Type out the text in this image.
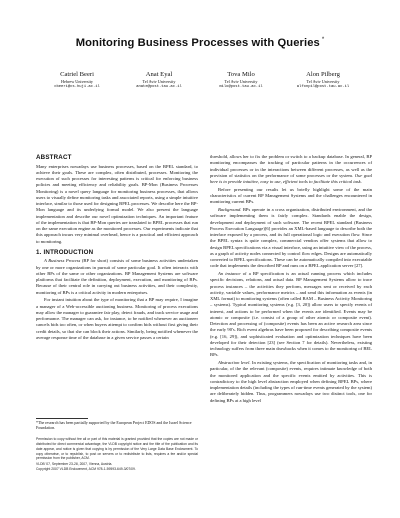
Monitoring Business Processes with Queries *
Catriel Beeri
Hebrew University
cbeeri@cs.huji.ac.il
Anat Eyal
Tel Aviv University
anate@post.tau.ac.il
Tova Milo
Tel Aviv University
milo@post.tau.ac.il
Alon Pilberg
Tel Aviv University
alfonpil@post.tau.ac.il
ABSTRACT

Many enterprises nowadays use business processes, based on the BPEL standard, to achieve their goals. These are complex, often distributed, processes. Monitoring the execution of such processes for interesting patterns is critical for enforcing business policies and meeting efficiency and reliability goals. BP-Mon (Business Processes Monitoring) is a novel query language for monitoring business processes, that allows users to visually define monitoring tasks and associated reports, using a simple intuitive interface, similar to those used for designing BPEL processes. We describe here the BP-Mon language and its underlying formal model. We also present the language implementation and describe our novel optimization techniques. An important feature of the implementation is that BP-Mon queries are translated to BPEL processes that run on the same execution engine as the monitored processes. Our experiments indicate that this approach incurs very minimal overhead, hence is a practical and efficient approach to monitoring.

1. INTRODUCTION

A Business Process (BP for short) consists of some business activities undertaken by one or more organizations in pursuit of some particular goal. It often interacts with other BPs of the same or other organizations. BP Management Systems are software platforms that facilitate the definition, deployment, execution, and monitoring of BPs. Because of their central role in carrying out business activities, and their complexity, monitoring of BPs is a critical activity in modern enterprises.

For instant intuition about the type of monitoring that a BP may require, I imagine a manager of a Web-accessible auctioning business. Monitoring of process executions may allow the manager to guarantee fair play, detect frauds, and track service usage and performance. The manager can ask, for instance, to be notified whenever an auctioneer cancels bids too often, or when buyers attempt to confirm bids without first giving their credit details, so that she can block their actions. Similarly, being notified whenever the average response time of the database in a given service passes a certain

*The research has been partially supported by the European Project EDOS and the Israel Science Foundation.

Permission to copy without fee all or part of this material is granted provided that the copies are not made or distributed for direct commercial advantage, the VLDB copyright notice and the title of the publication and its date appear, and notice is given that copying is by permission of the Very Large Data Base Endowment. To copy otherwise, or to republish, to post on servers or to redistribute to lists, requires a fee and/or special permission from the publisher, ACM.

VLDB '07, September 23-28, 2007, Vienna, Austria.

Copyright 2007 VLDB Endowment, ACM 978-1-59593-649-3/07/09.

threshold, allows her to fix the problem or switch to a backup database. In general, BP monitoring encompasses the tracking of particular patterns in the occurrences of individual processes or in the interactions between different processes, as well as the provision of statistics on the performance of some processes or the system. Our goal here is to provide intuitive, easy to use, efficient tools to facilitate this critical task.

Before presenting our results let us briefly highlight some of the main characteristics of current BP Management Systems and the challenges encountered in monitoring current BPs.

Background. BPs operate in a cross organization, distributed environment, and the software implementing them is fairly complex. Standards enable the design, development and deployment of such software. The recent BPEL standard (Business Process Execution Language)[6] provides an XML-based language to describe both the interface exposed by a process, and its full operational logic and execution flow. Since the BPEL syntax is quite complex, commercial vendors offer systems that allow to design BPEL specifications via a visual interface, using an intuitive view of the process, as a graph of activity nodes connected by control flow edges. Designs are automatically converted to BPEL specifications. These can be automatically compiled into executable code that implements the described BP and runs on a BPEL application server [27].

An instance of a BP specification is an actual running process which includes specific decisions, relations, and actual data. BP Management Systems allow to trace process instances – the activities they perform, messages sent or received by each activity, variable values, performance metrics – and send this information as events (in XML format) to monitoring systems (often called BAM – Business Activity Monitoring – systems). Typical monitoring systems (e.g. [3, 20]) allow users to specify events of interest, and actions to be performed when the events are identified. Events may be atomic or composite (i.e. consist of a group of other atomic or composite event). Detection and processing of (composite) events has been an active research area since the early 90's. Rich event algebras have been proposed for describing composite events (e.g. [16, 29]), and sophisticated evaluation and optimization techniques have been developed for their detection [23] (see Section 7 for details). Nevertheless, existing technology suffers from three main drawbacks when it comes to the monitoring of BEL BPs.

Abstraction level. In existing systems, the specification of monitoring tasks and, in particular, of the the relevant (composite) events, requires intimate knowledge of both the monitored application and the specific events emitted by activities. This is contradictory to the high level abstraction employed when defining BPEL BPs, where implementation details (including the types of run-time events generated by the system) are deliberately hidden. Thus, programmers nowadays use two distinct tools, one for defining BPs at a high level
